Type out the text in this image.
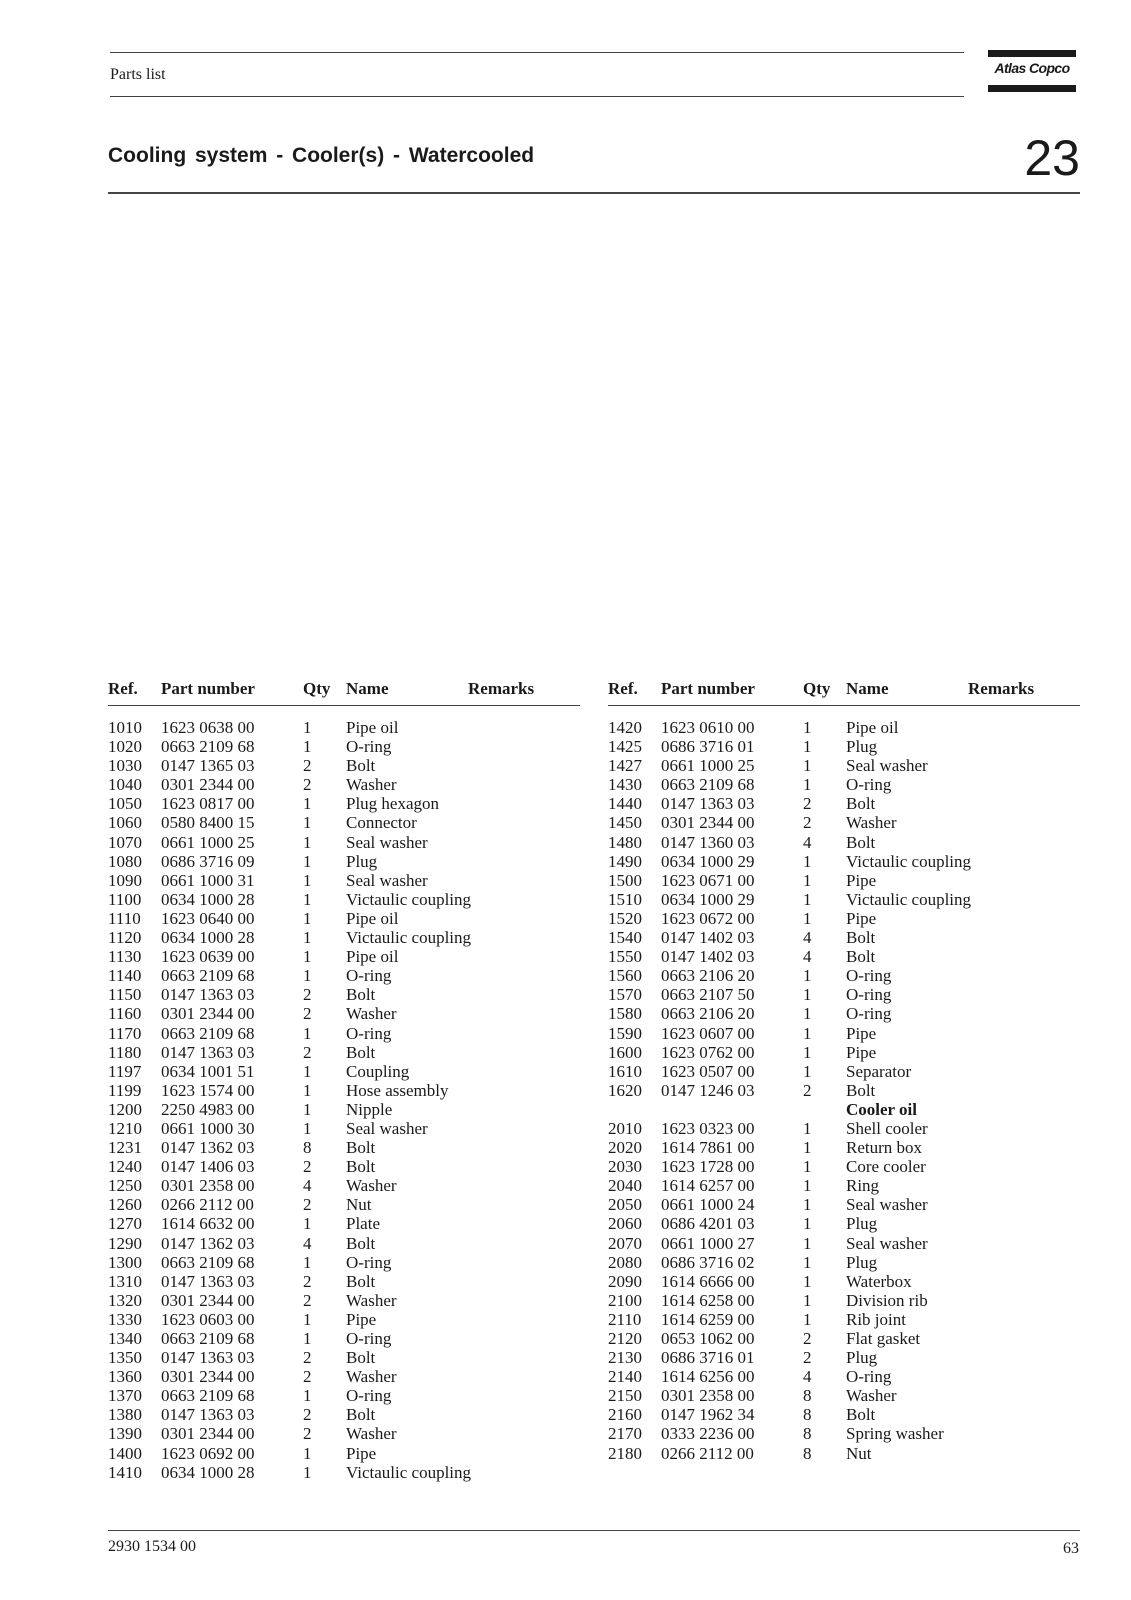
Parts list	Atlas Copco
Cooling system - Cooler(s) - Watercooled	23
Ref. Part number	Qty Name	Remarks
1010 1623 0638 00	1 Pipe oil
1020 0663 2109 68	1 O-ring
1030 0147 1365 03	2 Bolt
1040 0301 2344 00	2 Washer
1050 1623 0817 00	1 Plug hexagon
1060 0580 8400 15	1 Connector
1070 0661 1000 25	1 Seal washer
1080 0686 3716 09	1 Plug
1090 0661 1000 31	1 Seal washer
1100 0634 1000 28	1 Victaulic coupling
1110 1623 0640 00	1 Pipe oil
1120 0634 1000 28	1 Victaulic coupling
1130 1623 0639 00	1 Pipe oil
1140 0663 2109 68	1 O-ring
1150 0147 1363 03	2 Bolt
1160 0301 2344 00	2 Washer
1170 0663 2109 68	1 O-ring
1180 0147 1363 03	2 Bolt
1197 0634 1001 51	1 Coupling
1199 1623 1574 00	1 Hose assembly
1200 2250 4983 00	1 Nipple
1210 0661 1000 30	1 Seal washer
1231 0147 1362 03	8 Bolt
1240 0147 1406 03	2 Bolt
1250 0301 2358 00	4 Washer
1260 0266 2112 00	2 Nut
1270 1614 6632 00	1 Plate
1290 0147 1362 03	4 Bolt
1300 0663 2109 68	1 O-ring
1310 0147 1363 03	2 Bolt
1320 0301 2344 00	2 Washer
1330 1623 0603 00	1 Pipe
1340 0663 2109 68	1 O-ring
1350 0147 1363 03	2 Bolt
1360 0301 2344 00	2 Washer
1370 0663 2109 68	1 O-ring
1380 0147 1363 03	2 Bolt
1390 0301 2344 00	2 Washer
1400 1623 0692 00	1 Pipe
1410 0634 1000 28	1 Victaulic coupling
Ref. Part number	Qty Name	Remarks
1420 1623 0610 00	1 Pipe oil
1425 0686 3716 01	1 Plug
1427 0661 1000 25	1 Seal washer
1430 0663 2109 68	1 O-ring
1440 0147 1363 03	2 Bolt
1450 0301 2344 00	2 Washer
1480 0147 1360 03	4 Bolt
1490 0634 1000 29	1 Victaulic coupling
1500 1623 0671 00	1 Pipe
1510 0634 1000 29	1 Victaulic coupling
1520 1623 0672 00	1 Pipe
1540 0147 1402 03	4 Bolt
1550 0147 1402 03	4 Bolt
1560 0663 2106 20	1 O-ring
1570 0663 2107 50	1 O-ring
1580 0663 2106 20	1 O-ring
1590 1623 0607 00	1 Pipe
1600 1623 0762 00	1 Pipe
1610 1623 0507 00	1 Separator
1620 0147 1246 03	2 Bolt
Cooler oil
2010 1623 0323 00	1 Shell cooler
2020 1614 7861 00	1 Return box
2030 1623 1728 00	1 Core cooler
2040 1614 6257 00	1 Ring
2050 0661 1000 24	1 Seal washer
2060 0686 4201 03	1 Plug
2070 0661 1000 27	1 Seal washer
2080 0686 3716 02	1 Plug
2090 1614 6666 00	1 Waterbox
2100 1614 6258 00	1 Division rib
2110 1614 6259 00	1 Rib joint
2120 0653 1062 00	2 Flat gasket
2130 0686 3716 01	2 Plug
2140 1614 6256 00	4 O-ring
2150 0301 2358 00	8 Washer
2160 0147 1962 34	8 Bolt
2170 0333 2236 00	8 Spring washer
2180 0266 2112 00	8 Nut
2930 1534 00	63
